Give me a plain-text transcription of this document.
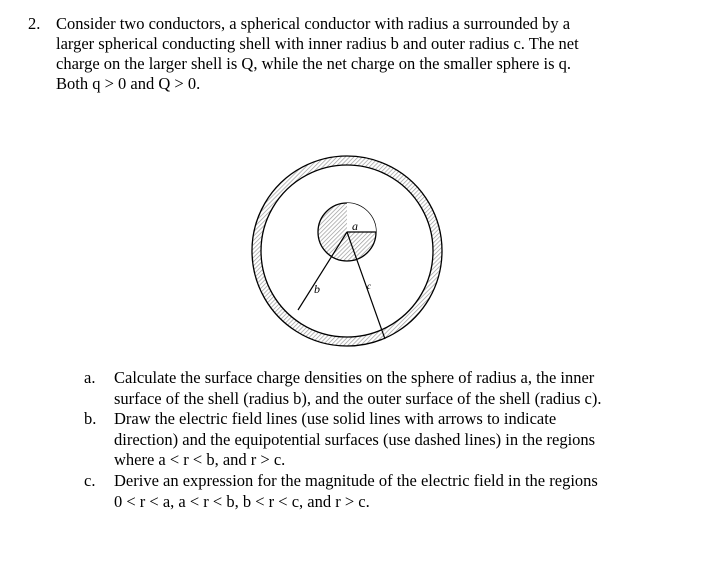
2. Consider two conductors, a spherical conductor with radius a surrounded by a
larger spherical conducting shell with inner radius b and outer radius c. The net
charge on the larger shell is Q, while the net charge on the smaller sphere is q.
Both q > 0 and Q > 0.
a
b	c
a. Calculate the surface charge densities on the sphere of radius a, the inner
surface of the shell (radius b), and the outer surface of the shell (radius c).
b. Draw the electric field lines (use solid lines with arrows to indicate
direction) and the equipotential surfaces (use dashed lines) in the regions
where a < r < b, and r > c.
c. Derive an expression for the magnitude of the electric field in the regions
0 < r < a, a < r < b, b < r < c, and r > c.
